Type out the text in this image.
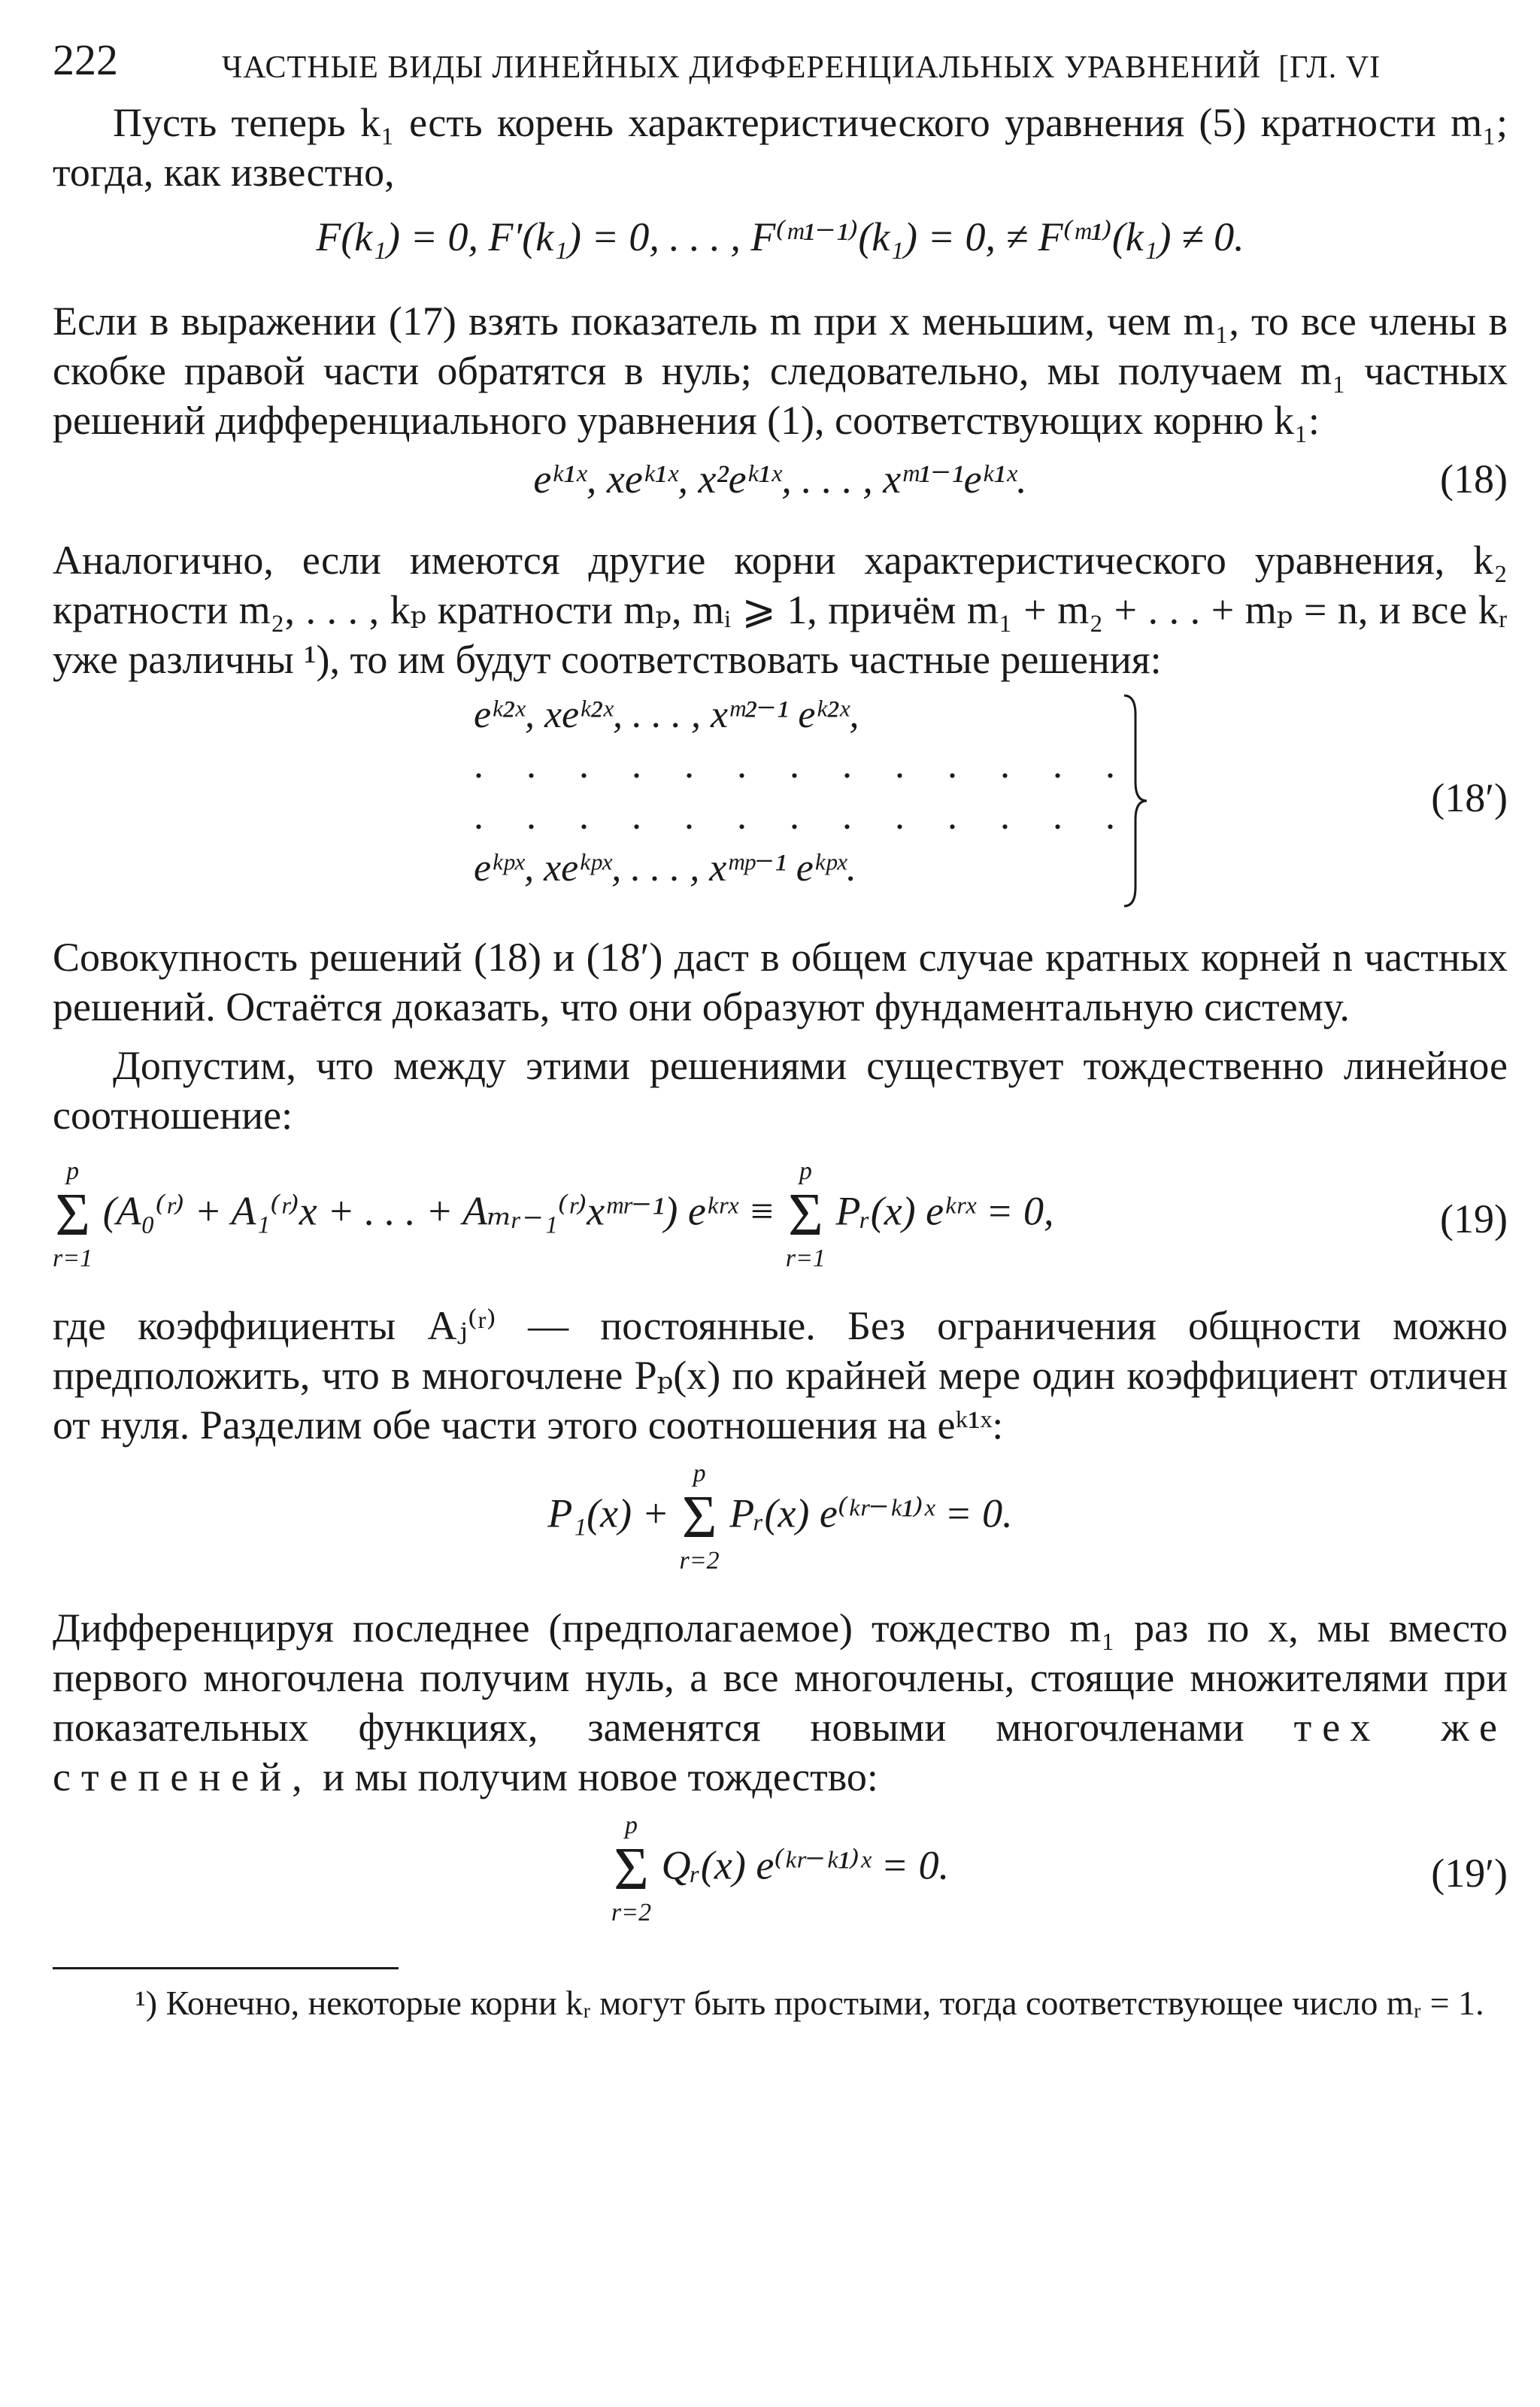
222	ЧАСТНЫЕ ВИДЫ ЛИНЕЙНЫХ ДИФФЕРЕНЦИАЛЬНЫХ УРАВНЕНИЙ [ГЛ. VI

Пусть теперь k₁ есть корень характеристического уравнения (5) кратности m₁; тогда, как известно,

F(k₁) = 0, F′(k₁) = 0, . . . , F⁽ᵐ¹⁻¹⁾(k₁) = 0, ≠ F⁽ᵐ¹⁾(k₁) ≠ 0.

Если в выражении (17) взять показатель m при x меньшим, чем m₁, то все члены в скобке правой части обратятся в нуль; следовательно, мы получаем m₁ частных решений дифференциального уравнения (1), соответствующих корню k₁:

eᵏ¹ˣ, xeᵏ¹ˣ, x²eᵏ¹ˣ, . . . , xᵐ¹⁻¹eᵏ¹ˣ.	(18)

Аналогично, если имеются другие корни характеристического уравнения, k₂ кратности m₂, . . . , kₚ кратности mₚ, mᵢ ⩾ 1, причём m₁ + m₂ + . . . + mₚ = n, и все kᵣ уже различны ¹), то им будут соответствовать частные решения:

eᵏ²ˣ, xeᵏ²ˣ, . . . , xᵐ²⁻¹ eᵏ²ˣ,
. . . . . . . . . . . . .
. . . . . . . . . . . . .
eᵏᵖˣ, xeᵏᵖˣ, . . . , xᵐᵖ⁻¹ eᵏᵖˣ.
(18′)

Совокупность решений (18) и (18′) даст в общем случае кратных корней n частных решений. Остаётся доказать, что они образуют фундаментальную систему.

Допустим, что между этими решениями существует тождественно линейное соотношение:

p
Σ
r=1
(A₀⁽ʳ⁾ + A₁⁽ʳ⁾x + . . . + Aₘᵣ₋₁⁽ʳ⁾xᵐʳ⁻¹) eᵏʳˣ ≡
p
Σ
r=1
Pᵣ(x) eᵏʳˣ = 0,	(19)

где коэффициенты Aⱼ⁽ʳ⁾ — постоянные. Без ограничения общности можно предположить, что в многочлене Pₚ(x) по крайней мере один коэффициент отличен от нуля. Разделим обе части этого соотношения на eᵏ¹ˣ:

P₁(x) +
p
Σ
r=2
Pᵣ(x) e⁽ᵏʳ⁻ᵏ¹⁾ˣ = 0.

Дифференцируя последнее (предполагаемое) тождество m₁ раз по x, мы вместо первого многочлена получим нуль, а все многочлены, стоящие множителями при показательных функциях, заменятся новыми многочленами тех же степеней, и мы получим новое тождество:

p
Σ
r=2
Qᵣ(x) e⁽ᵏʳ⁻ᵏ¹⁾ˣ = 0.	(19′)

¹) Конечно, некоторые корни kᵣ могут быть простыми, тогда соответствующее число mᵣ = 1.
